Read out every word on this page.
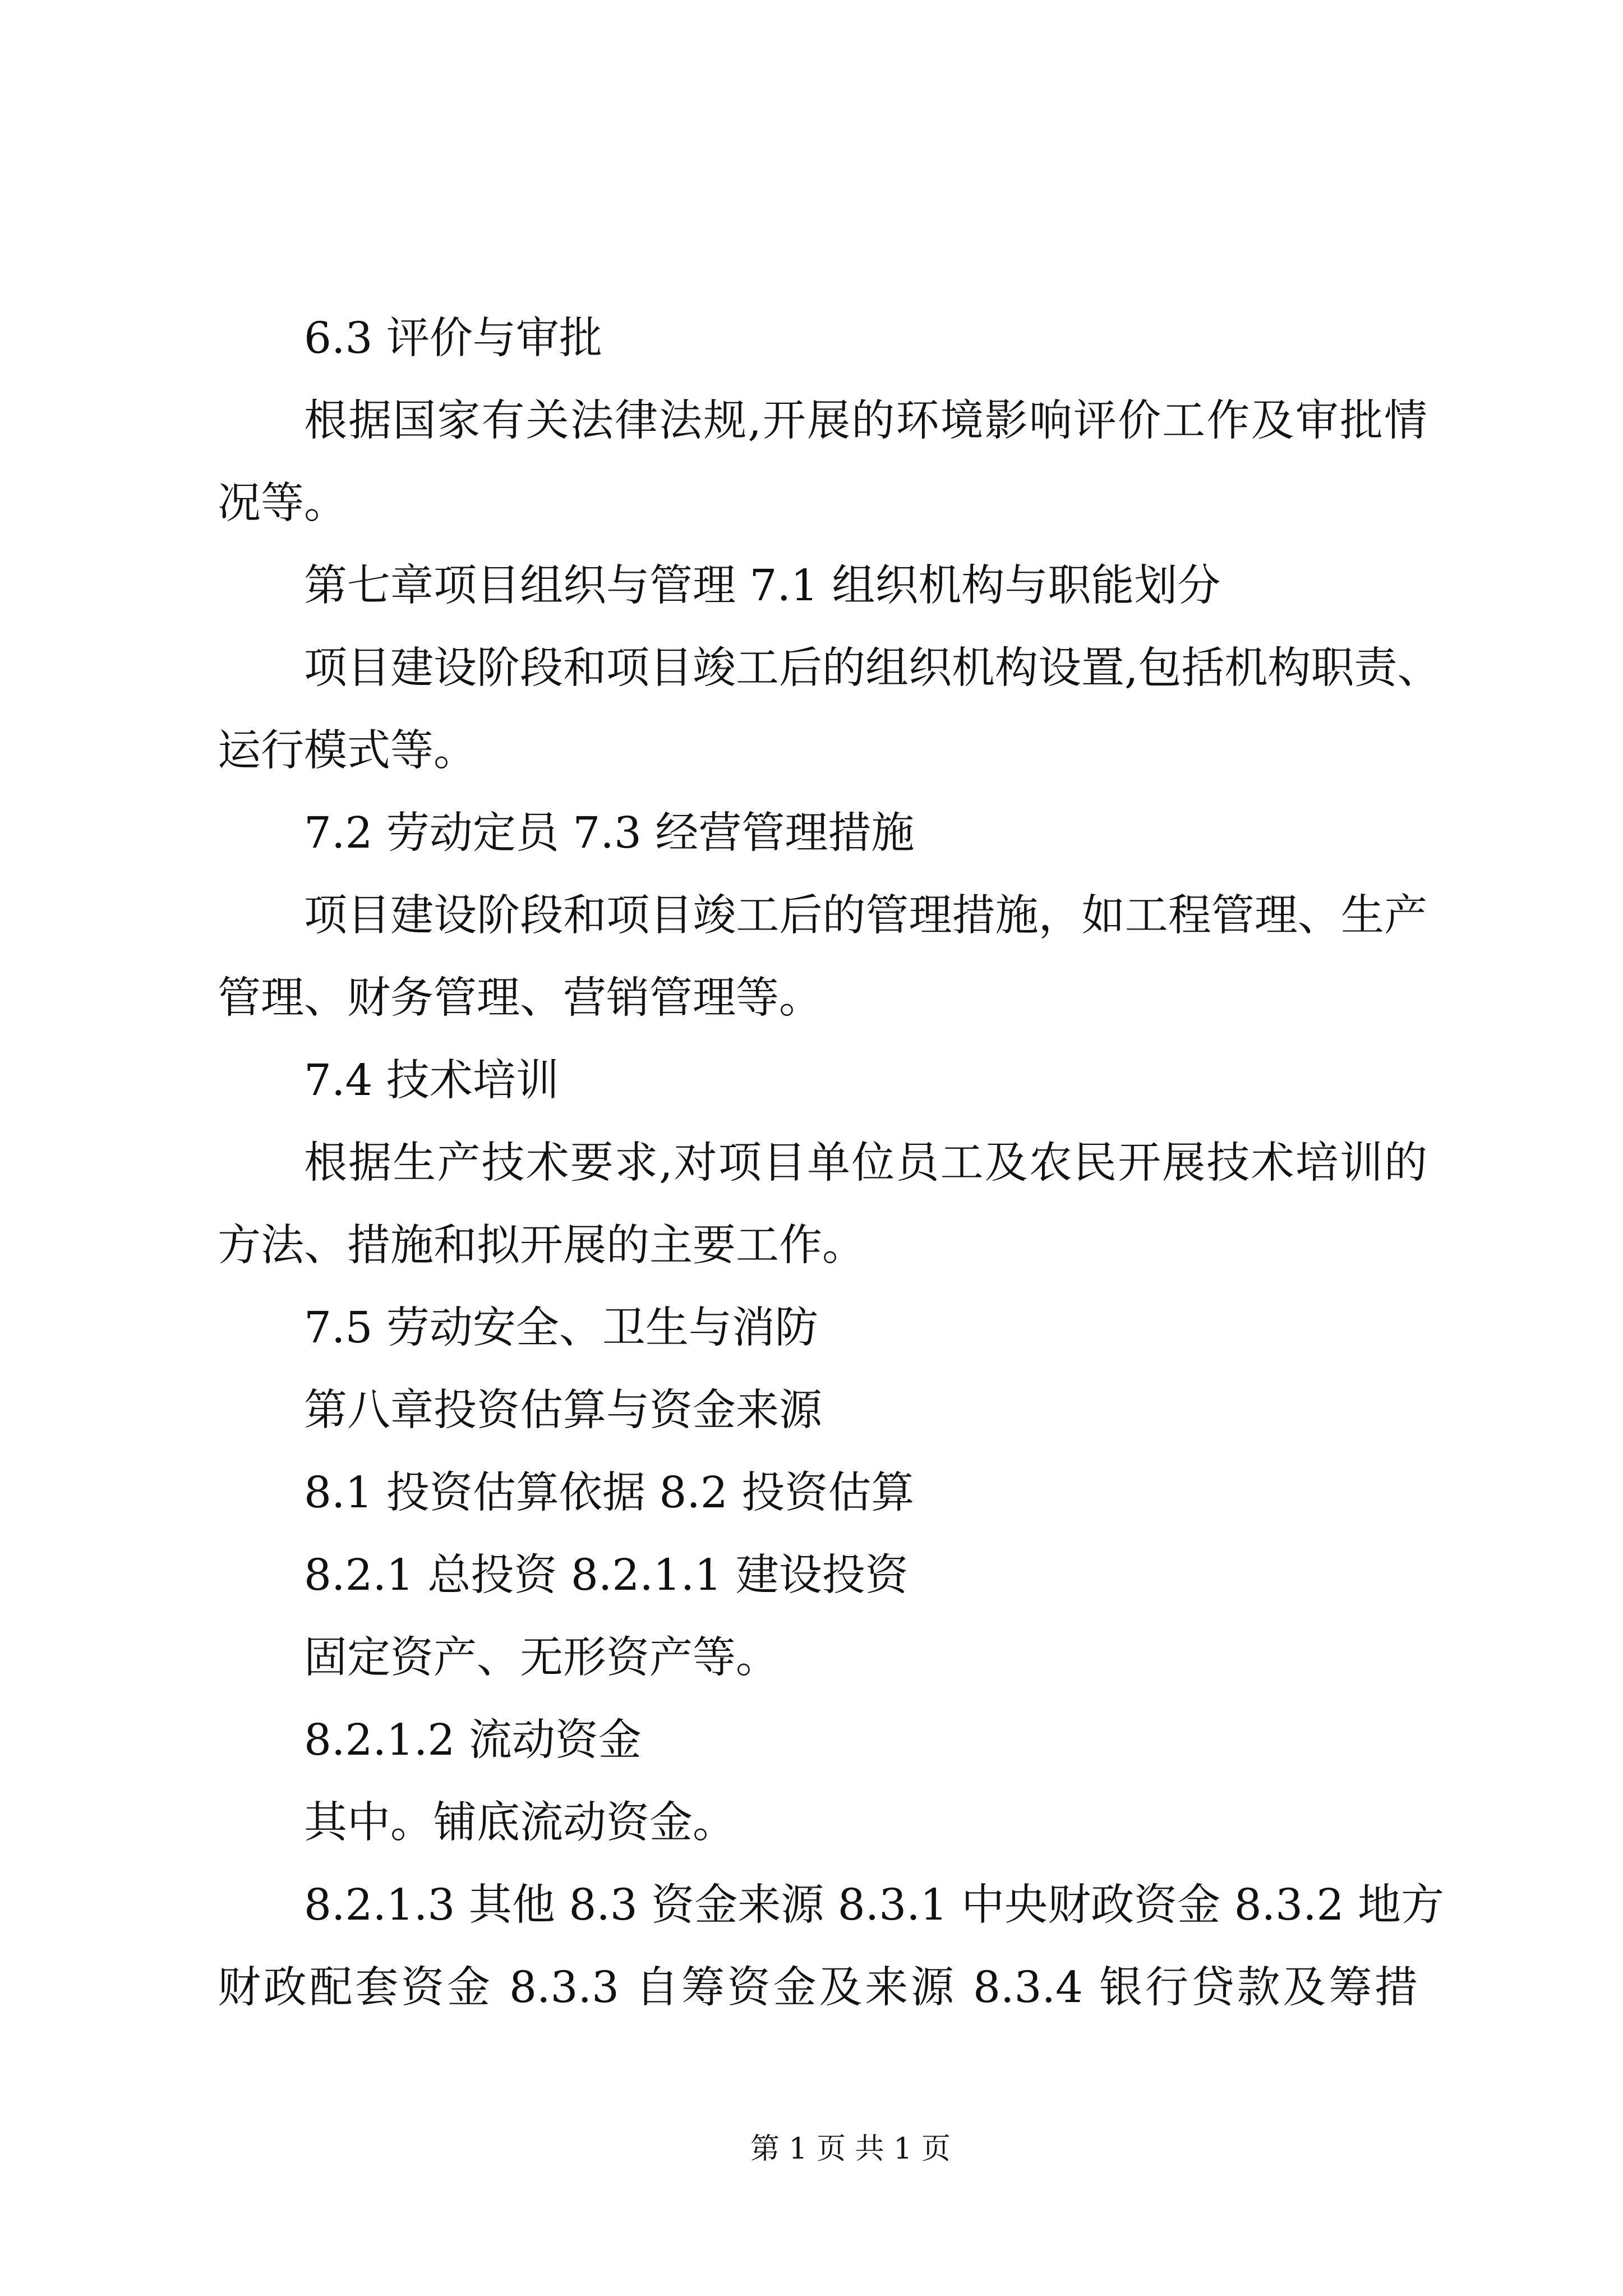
6.3 评价与审批
根据国家有关法律法规,开展的环境影响评价工作及审批情
况等。
第七章项目组织与管理 7.1 组织机构与职能划分
项目建设阶段和项目竣工后的组织机构设置,包括机构职责、
运行模式等。
7.2 劳动定员 7.3 经营管理措施
项目建设阶段和项目竣工后的管理措施，如工程管理、生产
管理、财务管理、营销管理等。
7.4 技术培训
根据生产技术要求,对项目单位员工及农民开展技术培训的
方法、措施和拟开展的主要工作。
7.5 劳动安全、卫生与消防
第八章投资估算与资金来源
8.1 投资估算依据 8.2 投资估算
8.2.1 总投资 8.2.1.1 建设投资
固定资产、无形资产等。
8.2.1.2 流动资金
其中。铺底流动资金。
8.2.1.3 其他 8.3 资金来源 8.3.1 中央财政资金 8.3.2 地方
财政配套资金 8.3.3 自筹资金及来源 8.3.4 银行贷款及筹措
第 1 页 共 1 页
